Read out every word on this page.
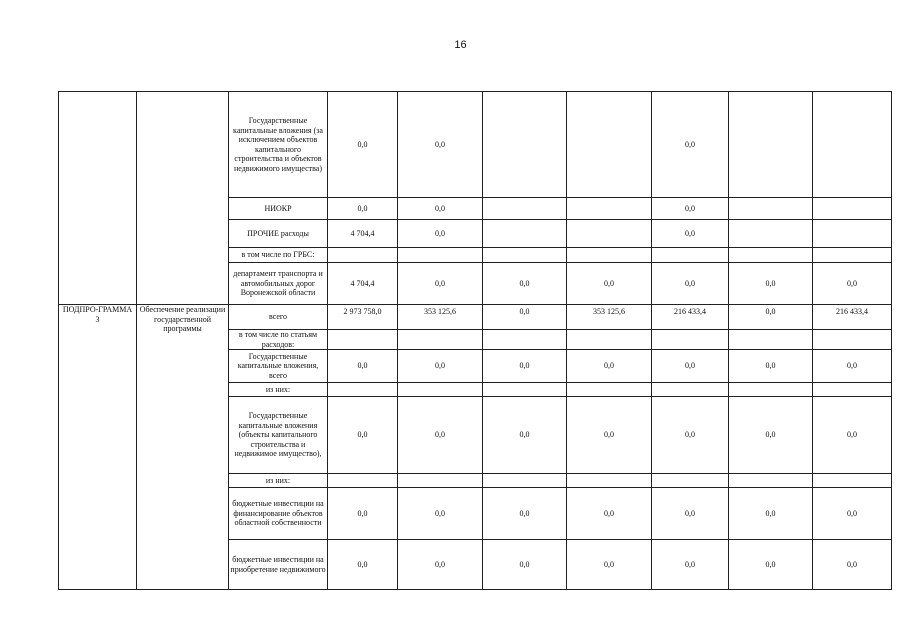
16
		Государственные капитальные вложения (за исключением объектов капитального строительства и объектов недвижимого имущества)	0,0	0,0			0,0		
		НИОКР	0,0	0,0			0,0		
		ПРОЧИЕ расходы	4 704,4	0,0			0,0		
		в том числе по ГРБС:							
		департамент транспорта и автомобильных дорог Воронежской области	4 704,4	0,0	0,0	0,0	0,0	0,0	0,0
ПОДПРО-ГРАММА 3	Обеспечение реализации государственной программы	всего	2 973 758,0	353 125,6	0,0	353 125,6	216 433,4	0,0	216 433,4
		в том числе по статьям расходов:							
		Государственные капитальные вложения, всего	0,0	0,0	0,0	0,0	0,0	0,0	0,0
		из них:							
		Государственные капитальные вложения (объекты капитального строительства и недвижимое имущество),	0,0	0,0	0,0	0,0	0,0	0,0	0,0
		из них:							
		бюджетные инвестиции на финансирование объектов областной собственности	0,0	0,0	0,0	0,0	0,0	0,0	0,0
		бюджетные инвестиции на приобретение недвижимого	0,0	0,0	0,0	0,0	0,0	0,0	0,0
